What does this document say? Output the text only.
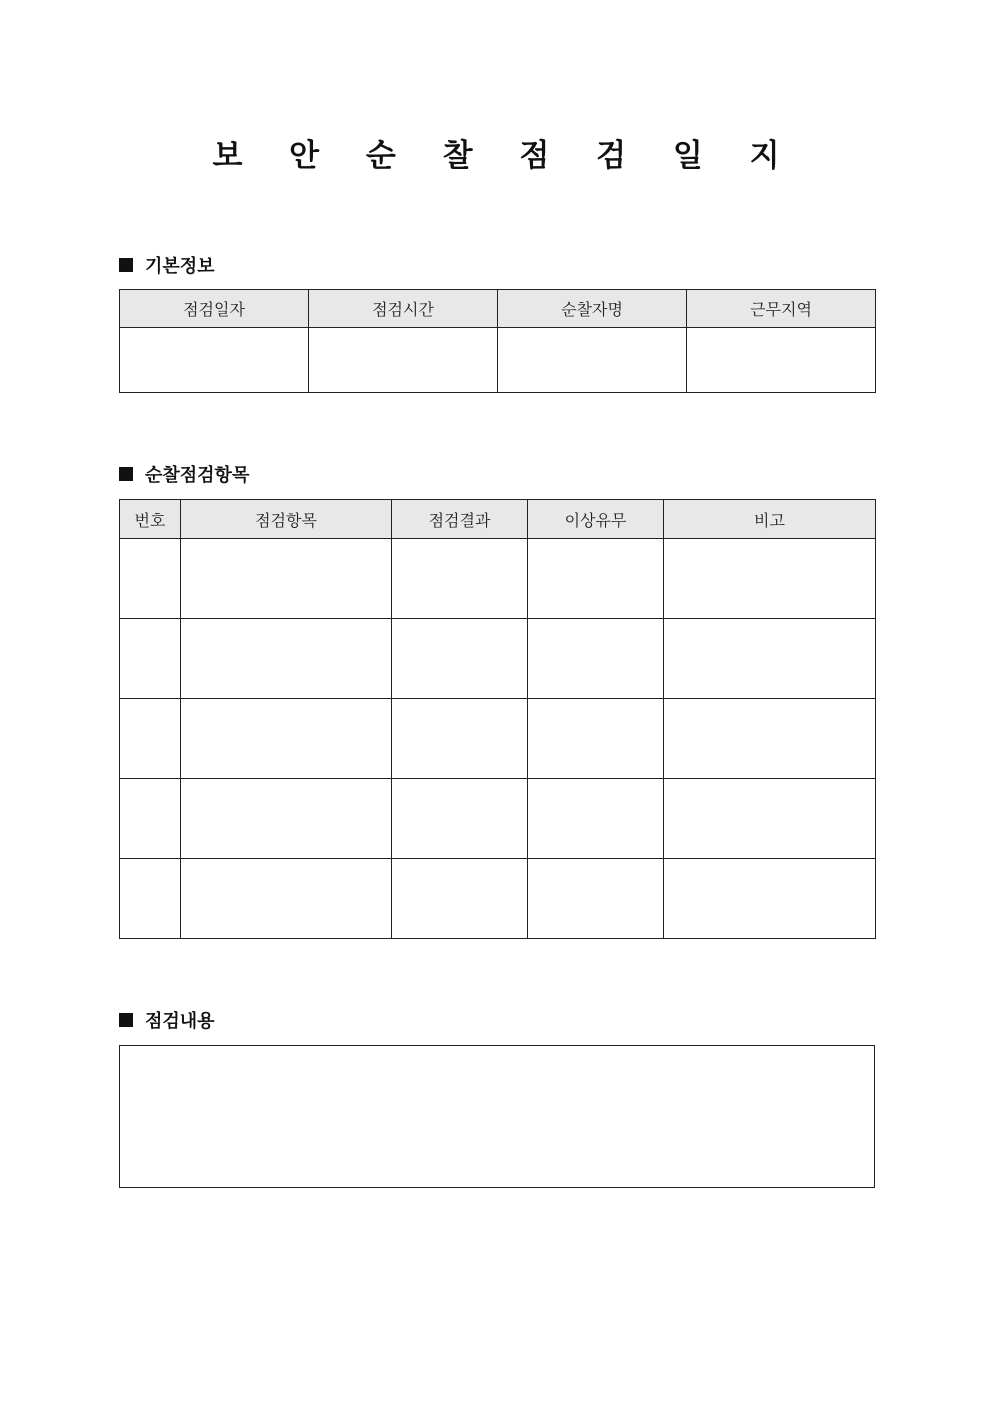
보 안 순 찰 점 검 일 지
기본정보
점검일자	점검시간	순찰자명	근무지역

순찰점검항목
번호	점검항목	점검결과	이상유무	비고

점검내용
